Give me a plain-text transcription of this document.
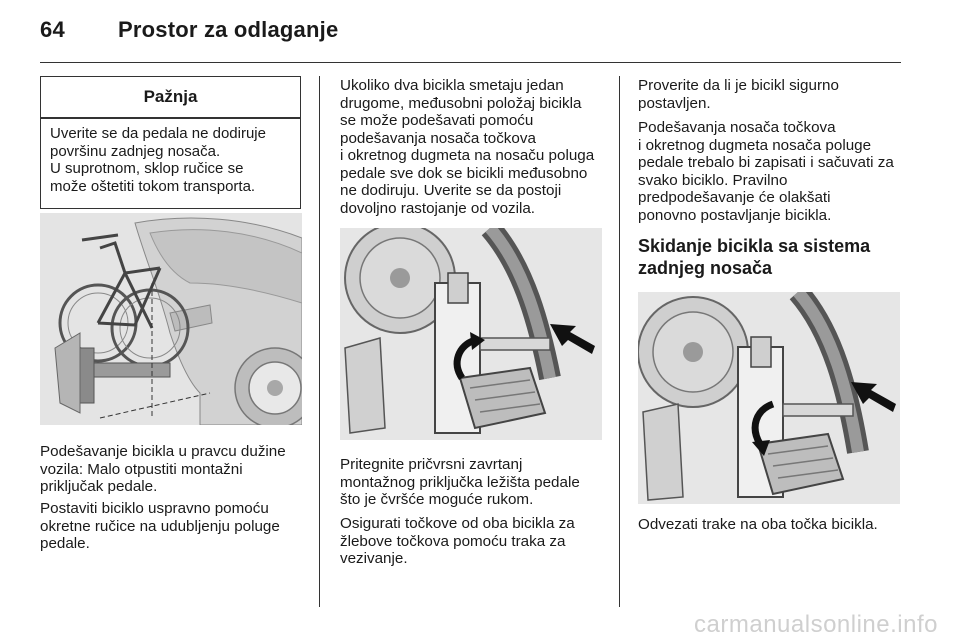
64 Prostor za odlaganje
Pažnja
Uverite se da pedala ne dodiruje
površinu zadnjeg nosača.
U suprotnom, sklop ručice se
može oštetiti tokom transporta.
Podešavanje bicikla u pravcu dužine
vozila: Malo otpustiti montažni
priključak pedale.
Postaviti biciklo uspravno pomoću
okretne ručice na udubljenju poluge
pedale.
Ukoliko dva bicikla smetaju jedan
drugome, međusobni položaj bicikla
se može podešavati pomoću
podešavanja nosača točkova
i okretnog dugmeta na nosaču poluga
pedale sve dok se bicikli međusobno
ne dodiruju. Uverite se da postoji
dovoljno rastojanje od vozila.
Pritegnite pričvrsni zavrtanj
montažnog priključka ležišta pedale
što je čvršće moguće rukom.
Osigurati točkove od oba bicikla za
žlebove točkova pomoću traka za
vezivanje.
Proverite da li je bicikl sigurno
postavljen.
Podešavanja nosača točkova
i okretnog dugmeta nosača poluge
pedale trebalo bi zapisati i sačuvati za
svako biciklo. Pravilno
predpodešavanje će olakšati
ponovno postavljanje bicikla.
Skidanje bicikla sa sistema
zadnjeg nosača
Odvezati trake na oba točka bicikla.
carmanualsonline.info
